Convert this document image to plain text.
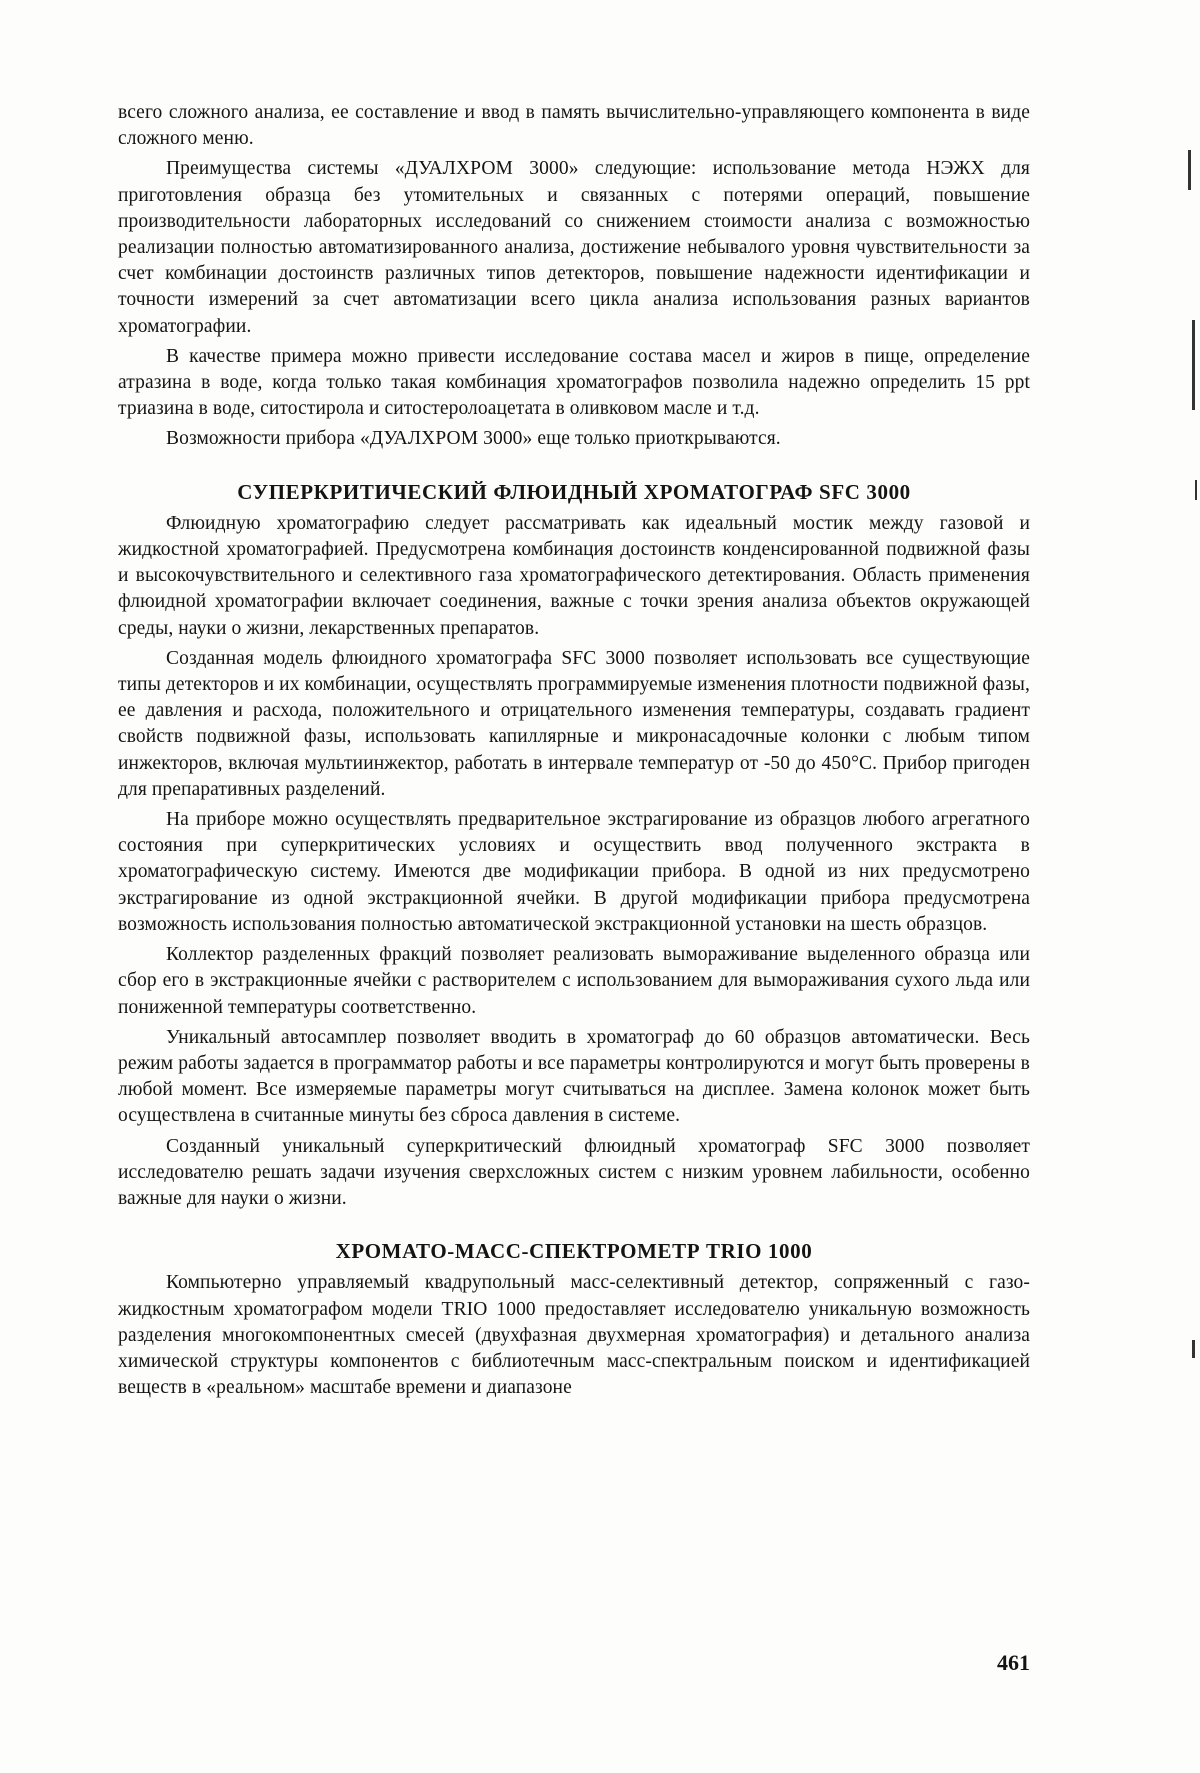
всего сложного анализа, ее составление и ввод в память вычислительно-управляющего компонента в виде сложного меню.

Преимущества системы «ДУАЛХРОМ 3000» следующие: использование метода НЭЖХ для приготовления образца без утомительных и связанных с потерями операций, повышение производительности лабораторных исследований со снижением стоимости анализа с возможностью реализации полностью автоматизированного анализа, достижение небывалого уровня чувствительности за счет комбинации достоинств различных типов детекторов, повышение надежности идентификации и точности измерений за счет автоматизации всего цикла анализа использования разных вариантов хроматографии.

В качестве примера можно привести исследование состава масел и жиров в пище, определение атразина в воде, когда только такая комбинация хроматографов позволила надежно определить 15 ppt триазина в воде, ситостирола и ситостеролоацетата в оливковом масле и т.д.

Возможности прибора «ДУАЛХРОМ 3000» еще только приоткрываются.

СУПЕРКРИТИЧЕСКИЙ ФЛЮИДНЫЙ ХРОМАТОГРАФ SFC 3000

Флюидную хроматографию следует рассматривать как идеальный мостик между газовой и жидкостной хроматографией. Предусмотрена комбинация достоинств конденсированной подвижной фазы и высокочувствительного и селективного газа хроматографического детектирования. Область применения флюидной хроматографии включает соединения, важные с точки зрения анализа объектов окружающей среды, науки о жизни, лекарственных препаратов.

Созданная модель флюидного хроматографа SFC 3000 позволяет использовать все существующие типы детекторов и их комбинации, осуществлять программируемые изменения плотности подвижной фазы, ее давления и расхода, положительного и отрицательного изменения температуры, создавать градиент свойств подвижной фазы, использовать капиллярные и микронасадочные колонки с любым типом инжекторов, включая мультиинжектор, работать в интервале температур от -50 до 450°С. Прибор пригоден для препаративных разделений.

На приборе можно осуществлять предварительное экстрагирование из образцов любого агрегатного состояния при суперкритических условиях и осуществить ввод полученного экстракта в хроматографическую систему. Имеются две модификации прибора. В одной из них предусмотрено экстрагирование из одной экстракционной ячейки. В другой модификации прибора предусмотрена возможность использования полностью автоматической экстракционной установки на шесть образцов.

Коллектор разделенных фракций позволяет реализовать вымораживание выделенного образца или сбор его в экстракционные ячейки с растворителем с использованием для вымораживания сухого льда или пониженной температуры соответственно.

Уникальный автосамплер позволяет вводить в хроматограф до 60 образцов автоматически. Весь режим работы задается в программатор работы и все параметры контролируются и могут быть проверены в любой момент. Все измеряемые параметры могут считываться на дисплее. Замена колонок может быть осуществлена в считанные минуты без сброса давления в системе.

Созданный уникальный суперкритический флюидный хроматограф SFC 3000 позволяет исследователю решать задачи изучения сверхсложных систем с низким уровнем лабильности, особенно важные для науки о жизни.

ХРОМАТО-МАСС-СПЕКТРОМЕТР TRIO 1000

Компьютерно управляемый квадрупольный масс-селективный детектор, сопряженный с газо-жидкостным хроматографом модели TRIO 1000 предоставляет исследователю уникальную возможность разделения многокомпонентных смесей (двухфазная двухмерная хроматография) и детального анализа химической структуры компонентов с библиотечным масс-спектральным поиском и идентификацией веществ в «реальном» масштабе времени и диапазоне

461
